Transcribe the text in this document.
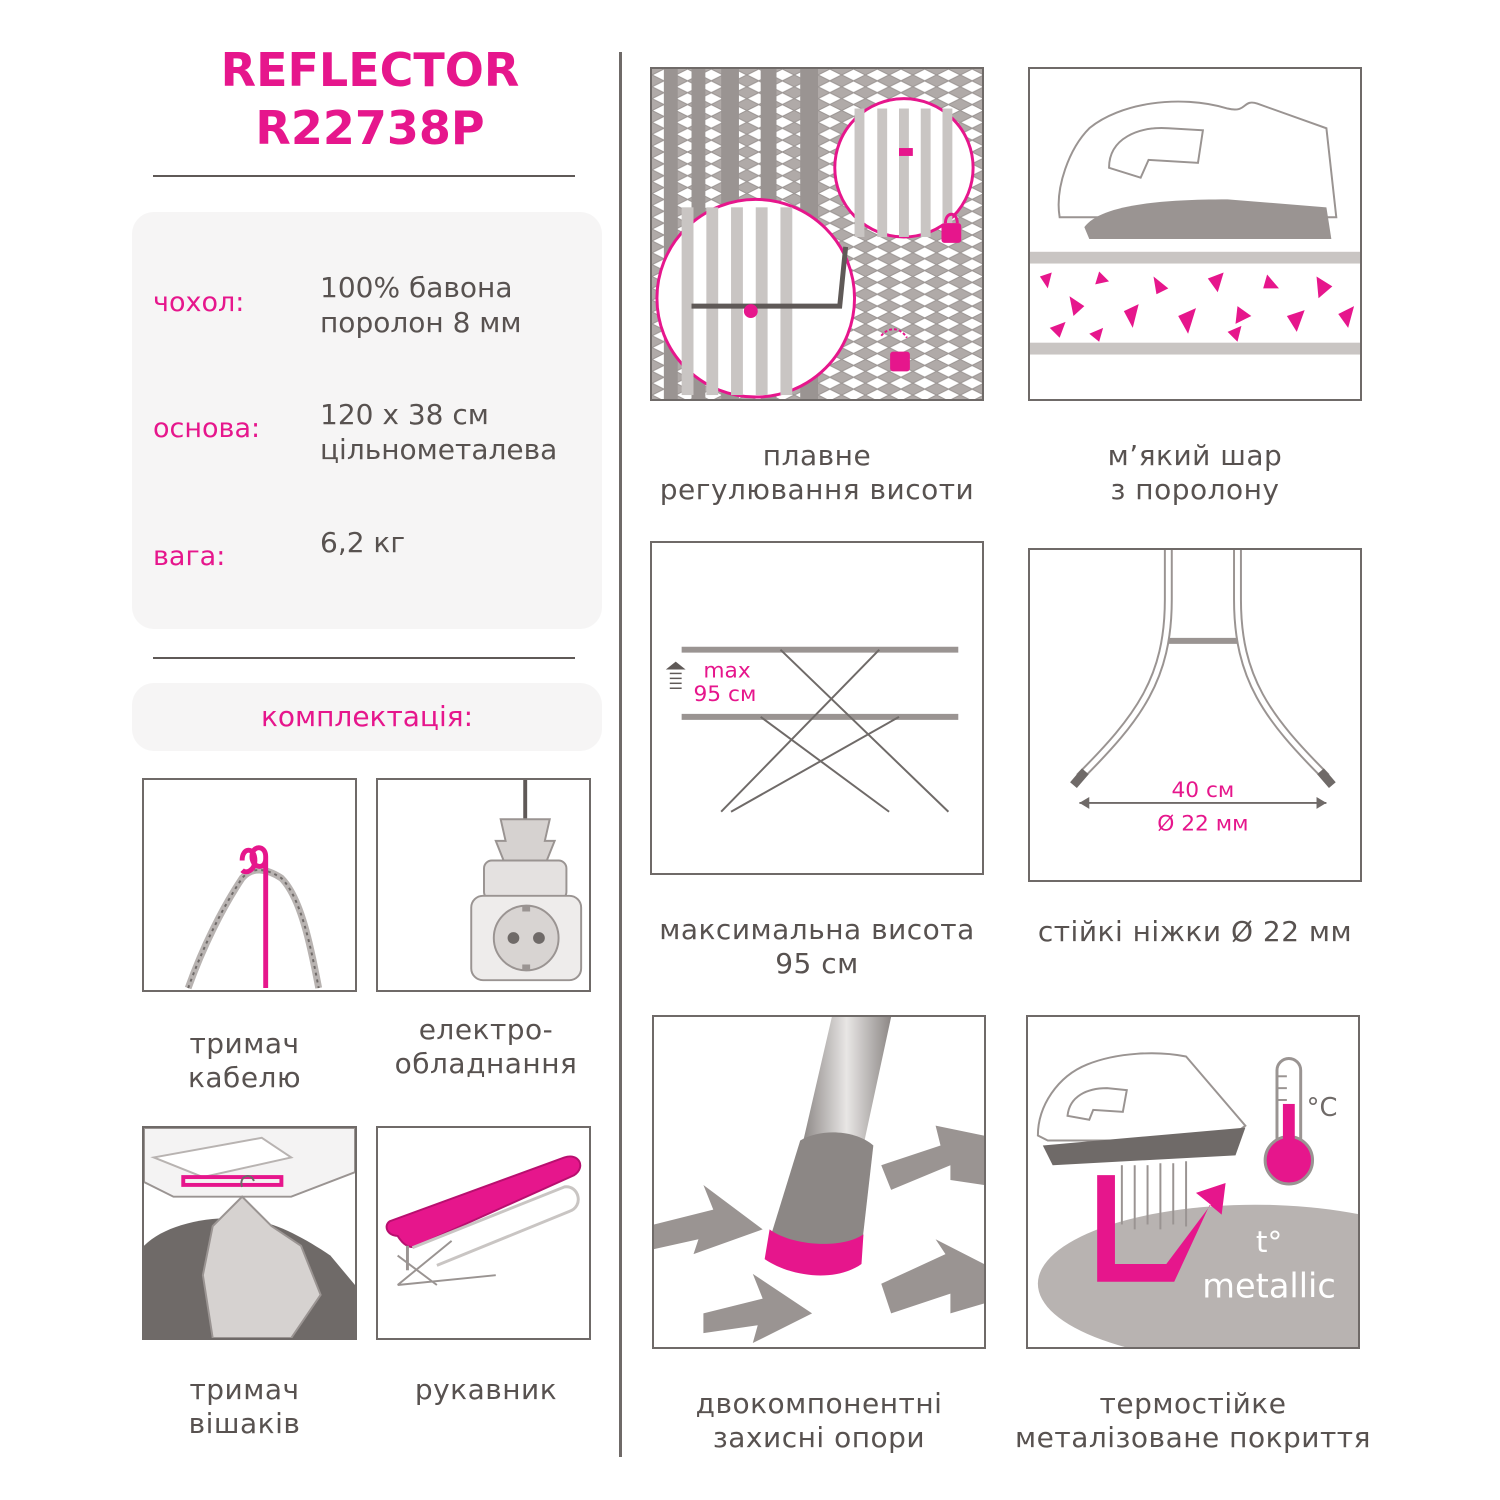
REFLECTOR
R22738P
чохол:	100% бавона
поролон 8 мм
основа: 120 х 38 см
цільнометалева
вага:	6,2 кг
комплектація:
тримач
кабелю
електро-
обладнання
тримач
вішаків
рукавник
плавне
регулювання висоти
м’який шар
з поролону
max
95 см
максимальна висота
95 см
40 см
Ø 22 мм
стійкі ніжки Ø 22 мм
двокомпонентні
захисні опори
°C
t°
metallic
термостійке
металізоване покриття
